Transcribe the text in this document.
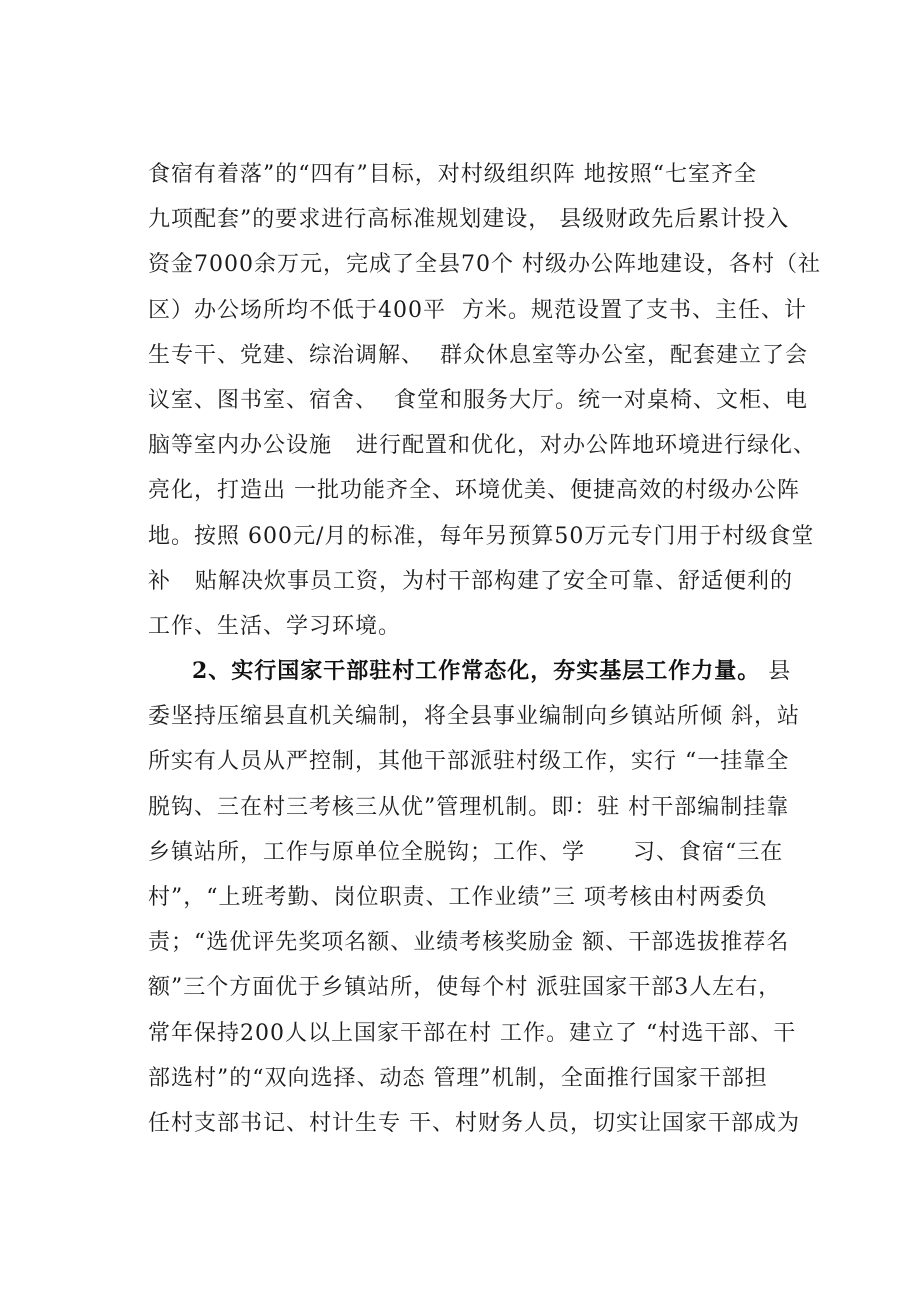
食宿有着落”的“四有”目标，对村级组织阵 地按照“七室齐全
九项配套”的要求进行高标准规划建设， 县级财政先后累计投入
资金7000余万元，完成了全县70个 村级办公阵地建设，各村（社
区）办公场所均不低于400平  方米。规范设置了支书、主任、计
生专干、党建、综治调解、  群众休息室等办公室，配套建立了会
议室、图书室、宿舍、  食堂和服务大厅。统一对桌椅、文柜、电
脑等室内办公设施   进行配置和优化，对办公阵地环境进行绿化、
亮化，打造出 一批功能齐全、环境优美、便捷高效的村级办公阵
地。按照 600元/月的标准，每年另预算50万元专门用于村级食堂
补   贴解决炊事员工资，为村干部构建了安全可靠、舒适便利的
工作、生活、学习环境。
2、实行国家干部驻村工作常态化，夯实基层工作力量。 县
委坚持压缩县直机关编制，将全县事业编制向乡镇站所倾 斜，站
所实有人员从严控制，其他干部派驻村级工作，实行 “一挂靠全
脱钩、三在村三考核三从优”管理机制。即：驻 村干部编制挂靠
乡镇站所，工作与原单位全脱钩；工作、学      习、食宿“三在
村”，“上班考勤、岗位职责、工作业绩”三 项考核由村两委负
责；“选优评先奖项名额、业绩考核奖励金 额、干部选拔推荐名
额”三个方面优于乡镇站所，使每个村 派驻国家干部3人左右，
常年保持200人以上国家干部在村 工作。建立了 “村选干部、干
部选村”的“双向选择、动态 管理”机制，全面推行国家干部担
任村支部书记、村计生专 干、村财务人员，切实让国家干部成为
